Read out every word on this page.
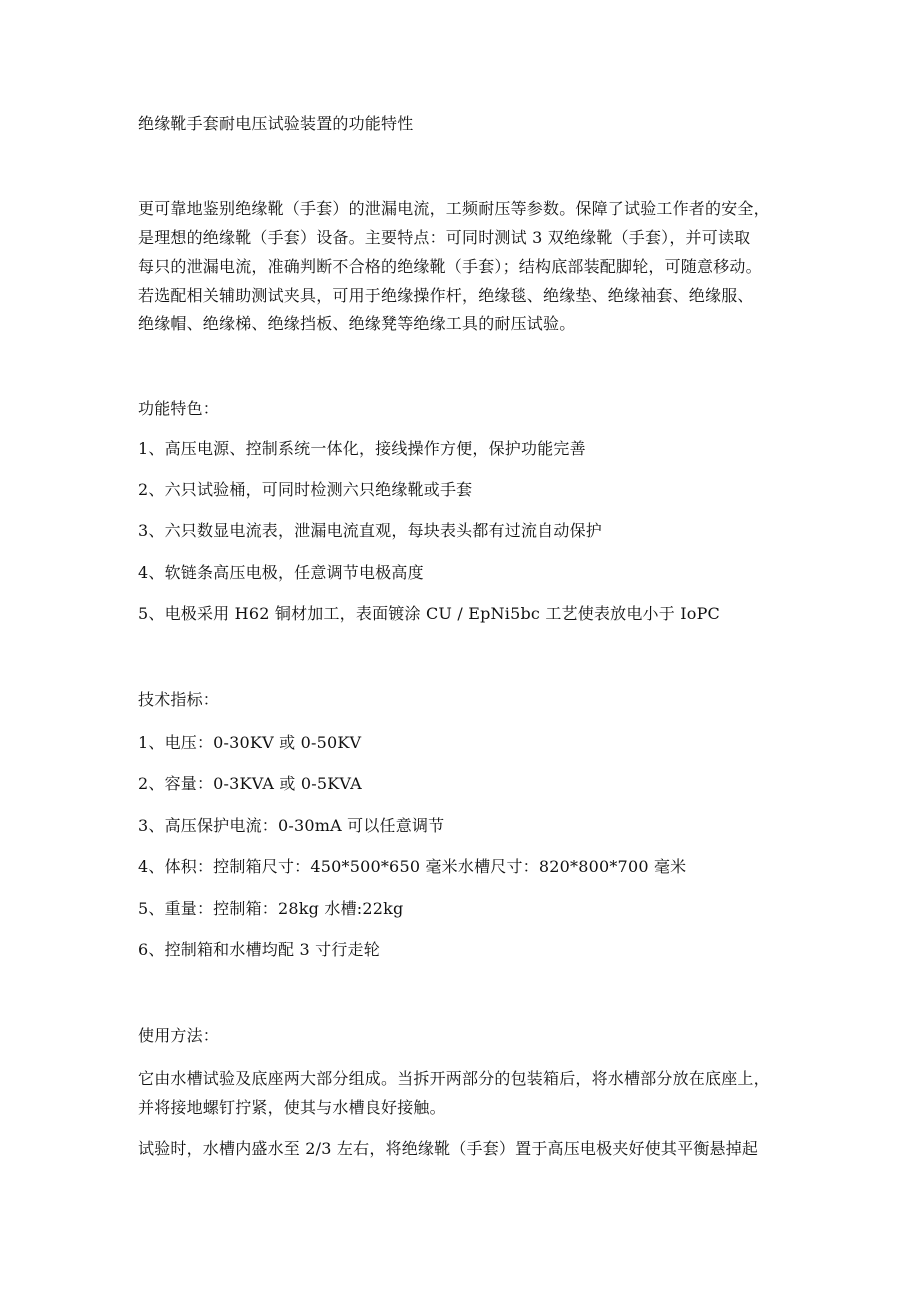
绝缘靴手套耐电压试验装置的功能特性
更可靠地鉴别绝缘靴（手套）的泄漏电流，工频耐压等参数。保障了试验工作者的安全，
是理想的绝缘靴（手套）设备。主要特点：可同时测试 3 双绝缘靴（手套），并可读取
每只的泄漏电流，准确判断不合格的绝缘靴（手套）；结构底部装配脚轮，可随意移动。
若选配相关辅助测试夹具，可用于绝缘操作杆，绝缘毯、绝缘垫、绝缘袖套、绝缘服、
绝缘帽、绝缘梯、绝缘挡板、绝缘凳等绝缘工具的耐压试验。
功能特色：
1、高压电源、控制系统一体化，接线操作方便，保护功能完善
2、六只试验桶，可同时检测六只绝缘靴或手套
3、六只数显电流表，泄漏电流直观，每块表头都有过流自动保护
4、软链条高压电极，任意调节电极高度
5、电极采用 H62 铜材加工，表面镀涂 CU / EpNi5bc 工艺使表放电小于 IoPC
技术指标：
1、电压：0-30KV 或 0-50KV
2、容量：0-3KVA 或 0-5KVA
3、高压保护电流：0-30mA 可以任意调节
4、体积：控制箱尺寸：450*500*650 毫米水槽尺寸：820*800*700 毫米
5、重量：控制箱：28kg 水槽:22kg
6、控制箱和水槽均配 3 寸行走轮
使用方法：
它由水槽试验及底座两大部分组成。当拆开两部分的包装箱后，将水槽部分放在底座上，
并将接地螺钉拧紧，使其与水槽良好接触。
试验时，水槽内盛水至 2/3 左右，将绝缘靴（手套）置于高压电极夹好使其平衡悬掉起
